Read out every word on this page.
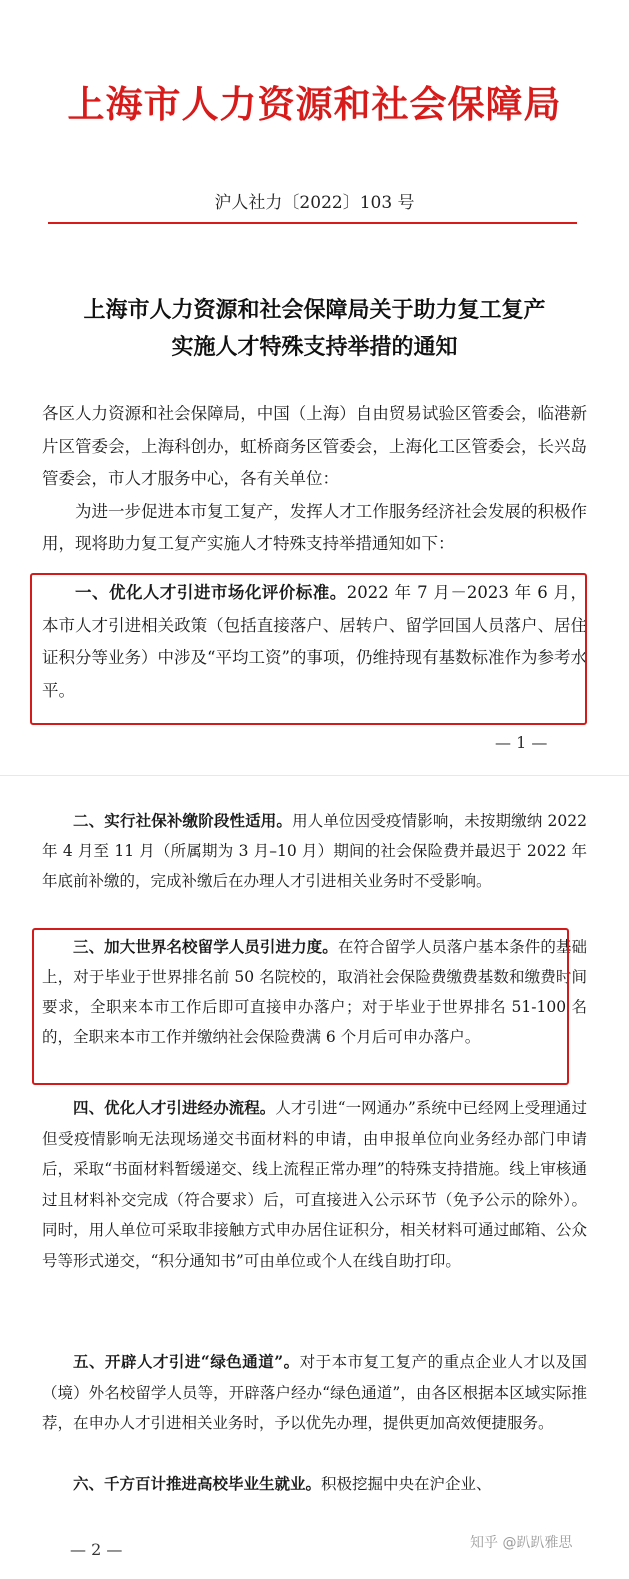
上海市人力资源和社会保障局
沪人社力〔2022〕103 号
上海市人力资源和社会保障局关于助力复工复产
实施人才特殊支持举措的通知

各区人力资源和社会保障局，中国（上海）自由贸易试验区管委会，临港新片区管委会，上海科创办，虹桥商务区管委会，上海化工区管委会，长兴岛管委会，市人才服务中心，各有关单位：

为进一步促进本市复工复产，发挥人才工作服务经济社会发展的积极作用，现将助力复工复产实施人才特殊支持举措通知如下：

一、优化人才引进市场化评价标准。2022 年 7 月－2023 年 6 月，本市人才引进相关政策（包括直接落户、居转户、留学回国人员落户、居住证积分等业务）中涉及“平均工资”的事项，仍维持现有基数标准作为参考水平。

— 1 —

二、实行社保补缴阶段性适用。用人单位因受疫情影响，未按期缴纳 2022 年 4 月至 11 月（所属期为 3 月–10 月）期间的社会保险费并最迟于 2022 年年底前补缴的，完成补缴后在办理人才引进相关业务时不受影响。

三、加大世界名校留学人员引进力度。在符合留学人员落户基本条件的基础上，对于毕业于世界排名前 50 名院校的，取消社会保险费缴费基数和缴费时间要求，全职来本市工作后即可直接申办落户；对于毕业于世界排名 51-100 名的，全职来本市工作并缴纳社会保险费满 6 个月后可申办落户。

四、优化人才引进经办流程。人才引进“一网通办”系统中已经网上受理通过但受疫情影响无法现场递交书面材料的申请，由申报单位向业务经办部门申请后，采取“书面材料暂缓递交、线上流程正常办理”的特殊支持措施。线上审核通过且材料补交完成（符合要求）后，可直接进入公示环节（免予公示的除外）。同时，用人单位可采取非接触方式申办居住证积分，相关材料可通过邮箱、公众号等形式递交，“积分通知书”可由单位或个人在线自助打印。

五、开辟人才引进“绿色通道”。对于本市复工复产的重点企业人才以及国（境）外名校留学人员等，开辟落户经办“绿色通道”，由各区根据本区域实际推荐，在申办人才引进相关业务时，予以优先办理，提供更加高效便捷服务。

六、千方百计推进高校毕业生就业。积极挖掘中央在沪企业、

— 2 —	知乎 @趴趴雅思
